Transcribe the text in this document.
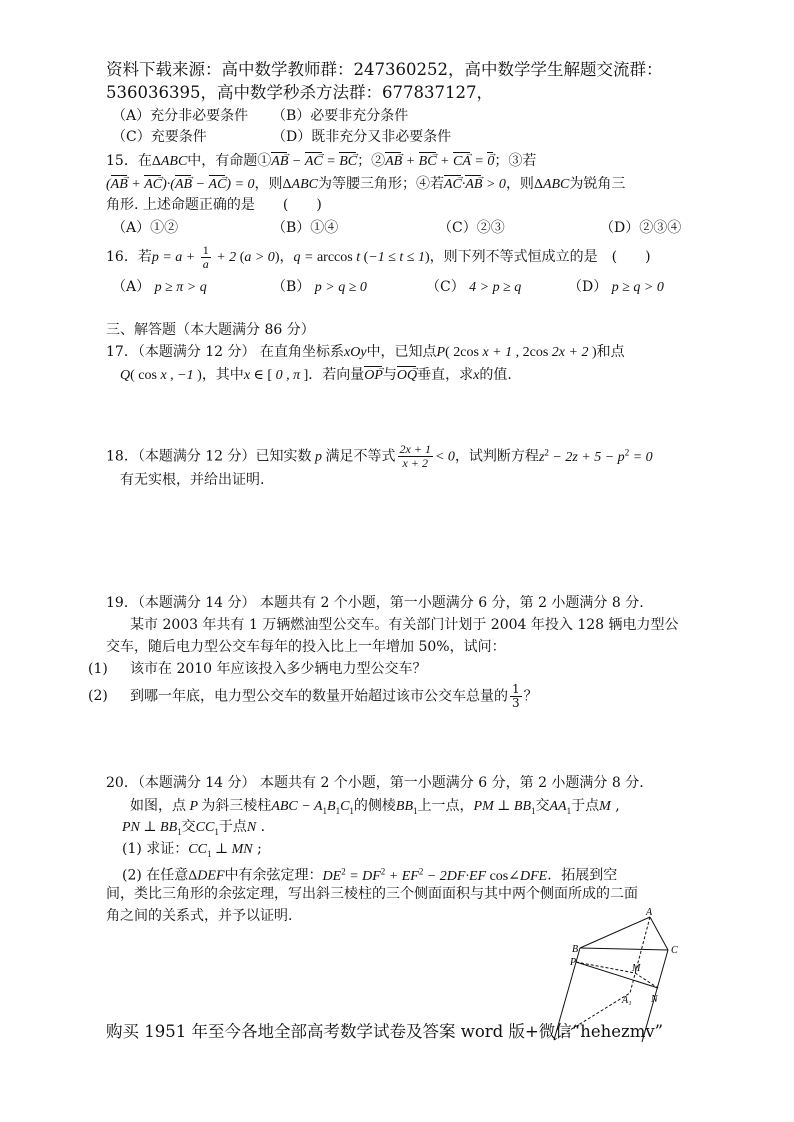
资料下载来源：高中数学教师群：247360252，高中数学学生解题交流群：
536036395，高中数学秒杀方法群：677837127，
（A）充分非必要条件 （B）必要非充分条件
（C）充要条件	（D）既非充分又非必要条件
15．在ΔABC中，有命题①AB
→
− AC
→
= BC
→
；②AB
→
+ BC
→
+ CA
→
= 0
→
；③若
(AB
→
+ AC
→
)·(AB
→
− AC
→
) = 0，则ΔABC为等腰三角形；④若AC
→
·AB
→
> 0，则ΔABC为锐角三
角形. 上述命题正确的是　　(　　)
（A）①②	（B）①④	（C）②③	（D）②③④
16．若$p = a + \frac{1}{a} + 2$ (a > 0)，q = arccos t (−1 ≤ t ≤ 1)，则下列不等式恒成立的是　(　　)
（A） p ≥ π > q	（B） p > q ≥ 0	（C） 4 > p ≥ q	（D） p ≥ q > 0
三、解答题（本大题满分 86 分）
17．（本题满分 12 分） 在直角坐标系xOy中，已知点P( 2cos x + 1 , 2cos 2x + 2 )和点
Q( cos x , −1 )，其中x ∈ [ 0 , π ]．若向量OP
→
与OQ
→
垂直，求x的值.
18．（本题满分 12 分）已知实数 p 满足不等式 $\frac{2x + 1}{x + 2} < 0$，试判断方程$z^2 - 2z + 5 - p^2 = 0$
有无实根，并给出证明.
19．（本题满分 14 分） 本题共有 2 个小题，第一小题满分 6 分，第 2 小题满分 8 分.
某市 2003 年共有 1 万辆燃油型公交车。有关部门计划于 2004 年投入 128 辆电力型公
交车，随后电力型公交车每年的投入比上一年增加 50%，试问：
(1) 该市在 2010 年应该投入多少辆电力型公交车？
(2) 到哪一年底，电力型公交车的数量开始超过该市公交车总量的 $\frac{1}{3}$ ？
20．（本题满分 14 分） 本题共有 2 个小题，第一小题满分 6 分，第 2 小题满分 8 分.
如图，点 P 为斜三棱柱ABC − $A_1B_1C_1$的侧棱$BB_1$上一点，PM ⊥ $BB_1$交$AA_1$于点M ,
PN ⊥ $BB_1$交$CC_1$于点N .
(1) 求证：$CC_1$ ⊥ MN ;
(2) 在任意ΔDEF中有余弦定理：$DE^2 = DF^2 + EF^2 - 2DF\cdot EF$ cos∠DFE．拓展到空
间，类比三角形的余弦定理，写出斜三棱柱的三个侧面面积与其中两个侧面所成的二面
角之间的关系式，并予以证明.	A
B	C
P
M
A₁ N
购买 1951 年至今各地全部高考数学试卷及答案 word 版+微信“hehezmv”
